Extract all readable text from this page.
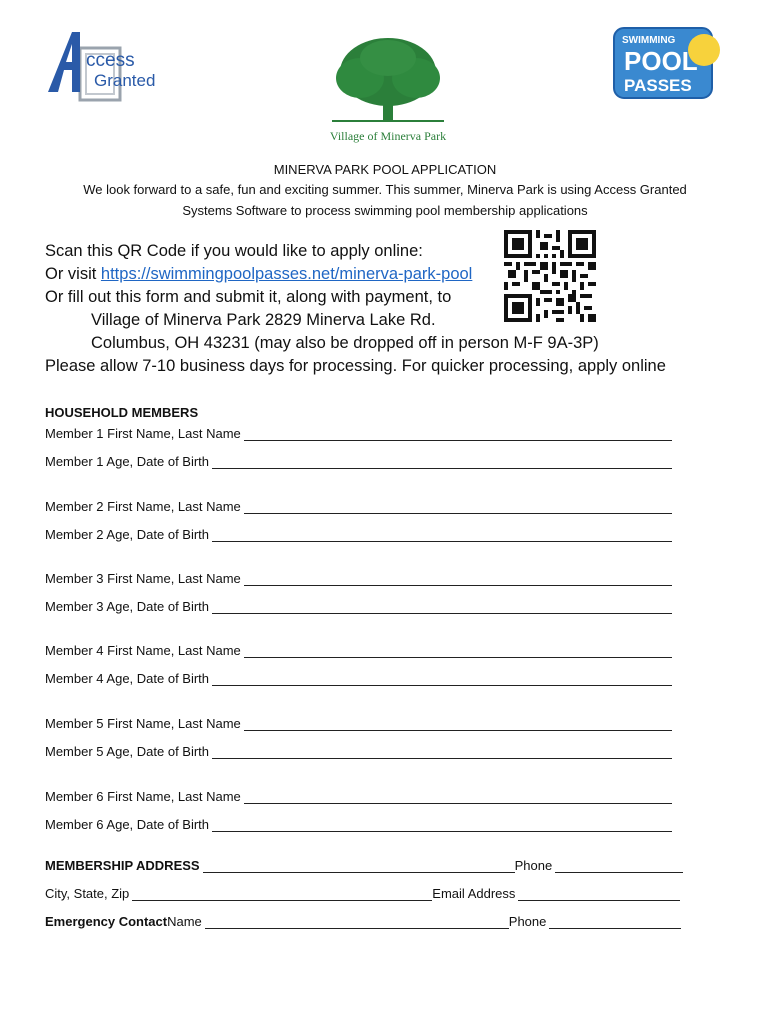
ccess
Granted
Village of Minerva Park
SWIMMING
POOL
PASSES
MINERVA PARK POOL APPLICATION
We look forward to a safe, fun and exciting summer. This summer, Minerva Park is using Access Granted
Systems Software to process swimming pool membership applications
Scan this QR Code if you would like to apply online:
Or visit https://swimmingpoolpasses.net/minerva-park-pool
Or fill out this form and submit it, along with payment, to
Village of Minerva Park 2829 Minerva Lake Rd.
Columbus, OH 43231 (may also be dropped off in person M-F 9A-3P)
Please allow 7-10 business days for processing. For quicker processing, apply online
HOUSEHOLD MEMBERS
Member 1 First Name, Last Name
Member 1 Age, Date of Birth
Member 2 First Name, Last Name
Member 2 Age, Date of Birth
Member 3 First Name, Last Name
Member 3 Age, Date of Birth
Member 4 First Name, Last Name
Member 4 Age, Date of Birth
Member 5 First Name, Last Name
Member 5 Age, Date of Birth
Member 6 First Name, Last Name
Member 6 Age, Date of Birth
MEMBERSHIP ADDRESS	Phone
City, State, Zip	Email Address
Emergency Contact Name	Phone
